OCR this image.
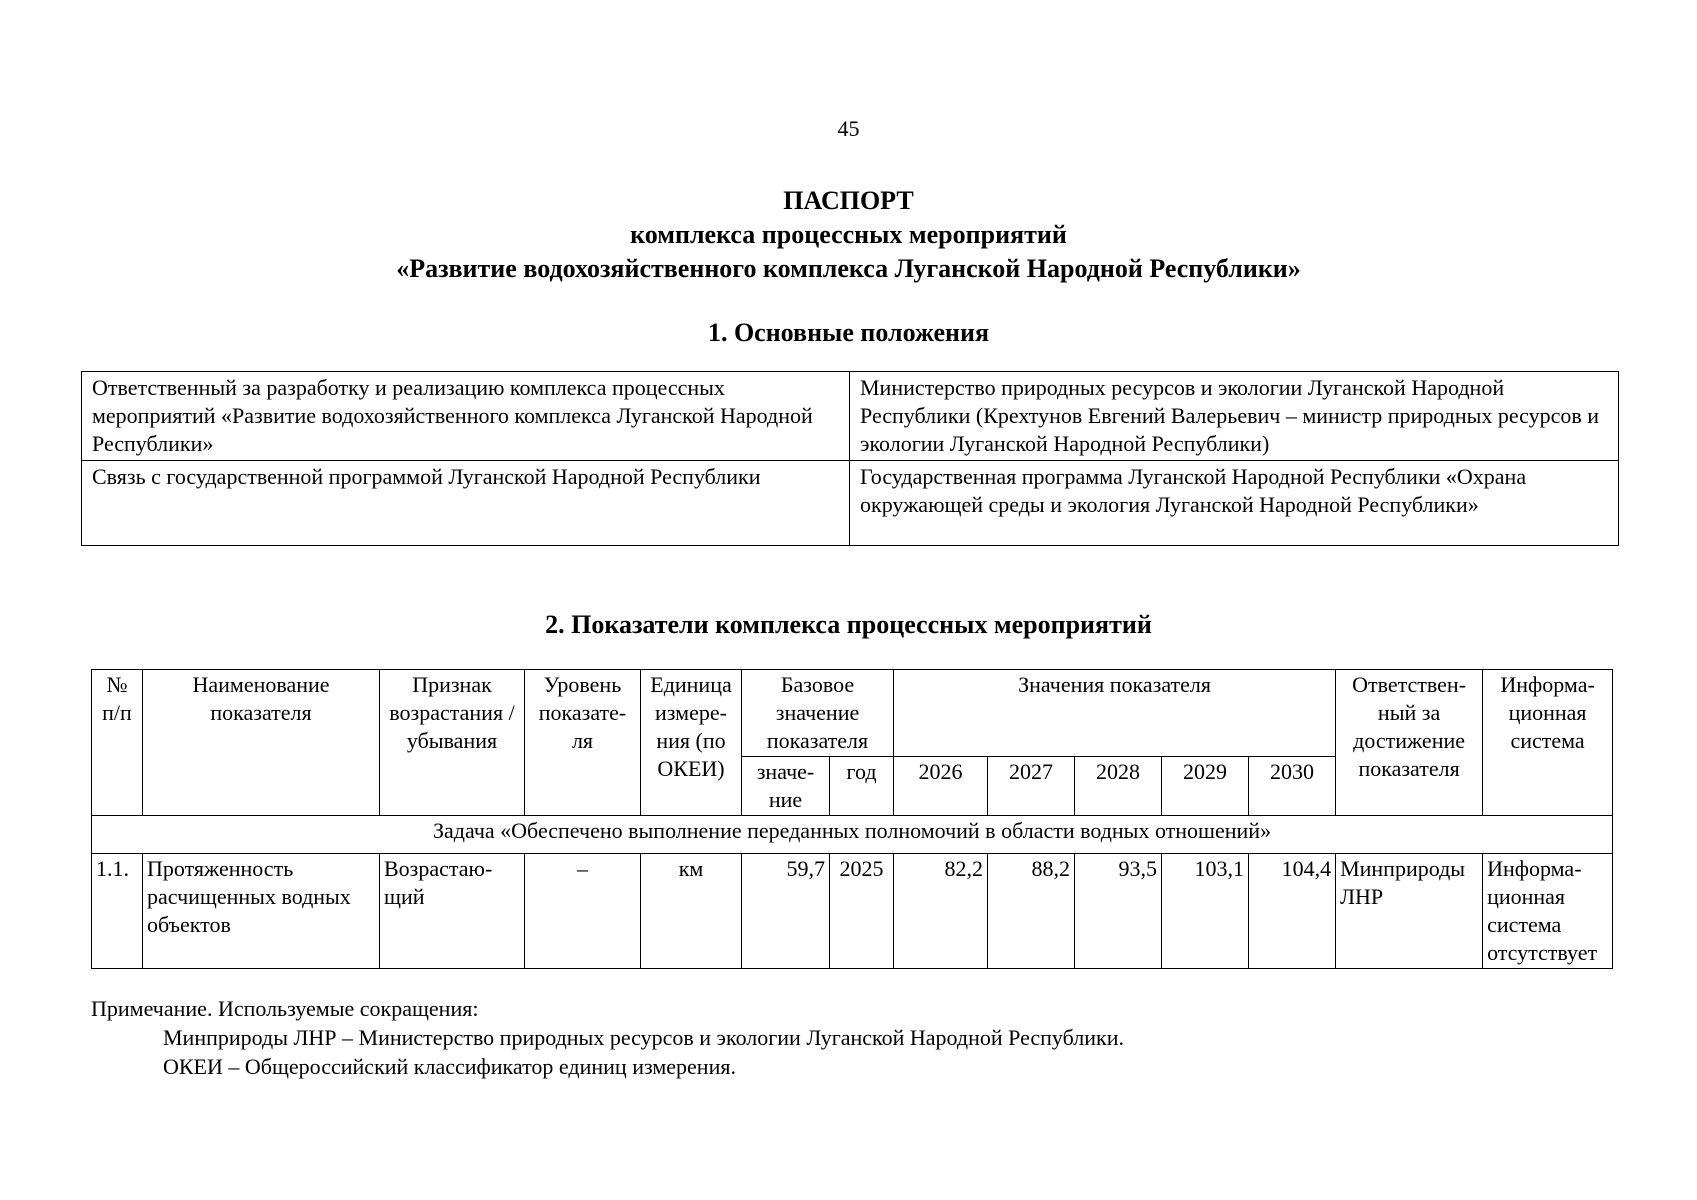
45
ПАСПОРТ
комплекса процессных мероприятий
«Развитие водохозяйственного комплекса Луганской Народной Республики»
1. Основные положения
Ответственный за разработку и реализацию комплекса процессных мероприятий «Развитие водохозяйственного комплекса Луганской Народной Республики»	Министерство природных ресурсов и экологии Луганской Народной Республики (Крехтунов Евгений Валерьевич – министр природных ресурсов и экологии Луганской Народной Республики)
Связь с государственной программой Луганской Народной Республики	Государственная программа Луганской Народной Республики «Охрана окружающей среды и экология Луганской Народной Республики»
2. Показатели комплекса процессных мероприятий
№ п/п	Наименование показателя	Признак возрастания / убывания	Уровень показате-ля	Единица измере-ния (по ОКЕИ)	Базовое значение показателя		Значения показателя					Ответствен-ный за достижение показателя	Информа-ционная система
					значе-ние	год	2026	2027	2028	2029	2030		
Задача «Обеспечено выполнение переданных полномочий в области водных отношений»													
1.1.	Протяженность расчищенных водных объектов	Возрастаю-щий	–	км	59,7	2025	82,2	88,2	93,5	103,1	104,4	Минприроды ЛНР	Информа-ционная система отсутствует
Примечание. Используемые сокращения:
Минприроды ЛНР – Министерство природных ресурсов и экологии Луганской Народной Республики.
ОКЕИ – Общероссийский классификатор единиц измерения.
